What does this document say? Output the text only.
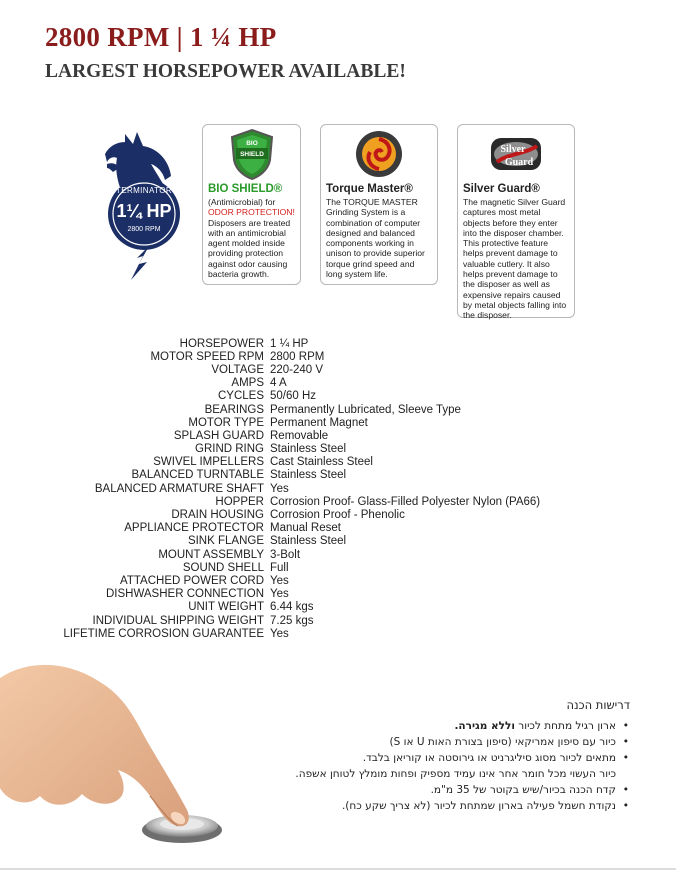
2800 RPM | 1 ¼ HP
LARGEST HORSEPOWER AVAILABLE!
TERMINATOR
1¼ HP
2800 RPM
BIO
SHIELD
BIO SHIELD®
(Antimicrobial) for
ODOR PROTECTION!
Disposers are treated with an antimicrobial agent molded inside providing protection against odor causing bacteria growth.
Torque Master®
The TORQUE MASTER Grinding System is a combination of computer designed and balanced components working in unison to provide superior torque grind speed and long system life.
Silver
Guard
Silver Guard®
The magnetic Silver Guard captures most metal objects before they enter into the disposer chamber. This protective feature helps prevent damage to valuable cutlery. It also helps prevent damage to the disposer as well as expensive repairs caused by metal objects falling into the disposer.
HORSEPOWER 1 ¼ HP
MOTOR SPEED RPM 2800 RPM
VOLTAGE 220-240 V
AMPS 4 A
CYCLES 50/60 Hz
BEARINGS Permanently Lubricated, Sleeve Type
MOTOR TYPE Permanent Magnet
SPLASH GUARD Removable
GRIND RING Stainless Steel
SWIVEL IMPELLERS Cast Stainless Steel
BALANCED TURNTABLE Stainless Steel
BALANCED ARMATURE SHAFT Yes
HOPPER Corrosion Proof- Glass-Filled Polyester Nylon (PA66)
DRAIN HOUSING Corrosion Proof - Phenolic
APPLIANCE PROTECTOR Manual Reset
SINK FLANGE Stainless Steel
MOUNT ASSEMBLY 3-Bolt
SOUND SHELL Full
ATTACHED POWER CORD Yes
DISHWASHER CONNECTION Yes
UNIT WEIGHT 6.44 kgs
INDIVIDUAL SHIPPING WEIGHT 7.25 kgs
LIFETIME CORROSION GUARANTEE Yes
דרישות הכנה
• ארון רגיל מתחת לכיור וללא מגירה.
• כיור עם סיפון אמריקאי (סיפון בצורת האות U או S)
• מתאים לכיור מסוג סיליגרניט או גירוסטה או קוריאן בלבד.
כיור העשוי מכל חומר אחר אינו עמיד מספיק ופחות מומלץ לטוחן אשפה.
• קדח הכנה בכיור/שיש בקוטר של 35 מ"מ.
• נקודת חשמל פעילה בארון שמתחת לכיור (לא צריך שקע כח).
